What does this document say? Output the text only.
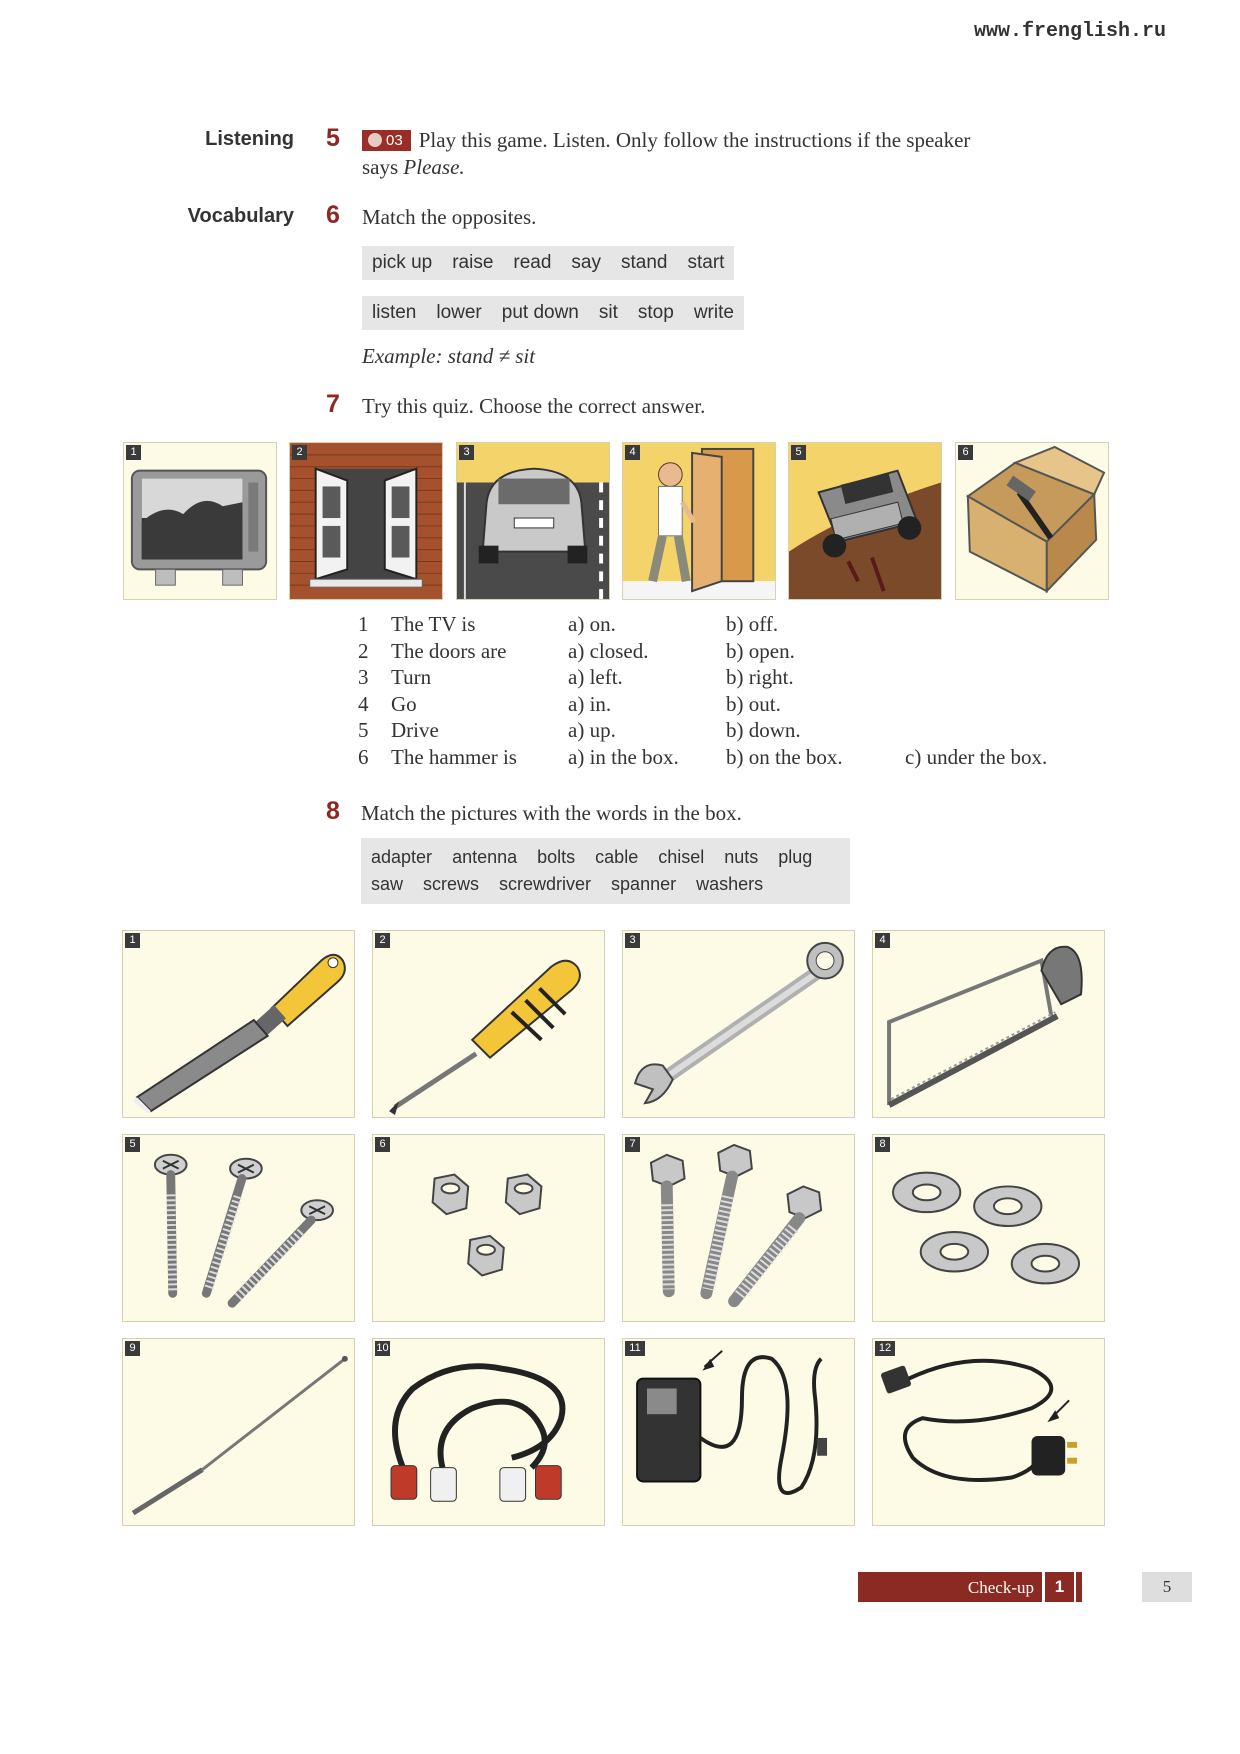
www.frenglish.ru
Listening 5	03 Play this game. Listen. Only follow the instructions if the speaker
says Please.
Vocabulary 6 Match the opposites.
pick up raise read say stand start
listen lower put down sit stop write
Example: stand ≠ sit
7 Try this quiz. Choose the correct answer.
1	2	3	4	5	6
1 The TV is	a) on.	b) off.
2 The doors are	a) closed.	b) open.
3 Turn	a) left.	b) right.
4 Go	a) in.	b) out.
5 Drive	a) up.	b) down.
6 The hammer is a) in the box. b) on the box.	c) under the box.
8 Match the pictures with the words in the box.
adapter antenna bolts cable chisel nuts plug
saw screws screwdriver spanner washers
1	2	3	4
5	6	7	8
9	10	11	12
Check-up	1	5
